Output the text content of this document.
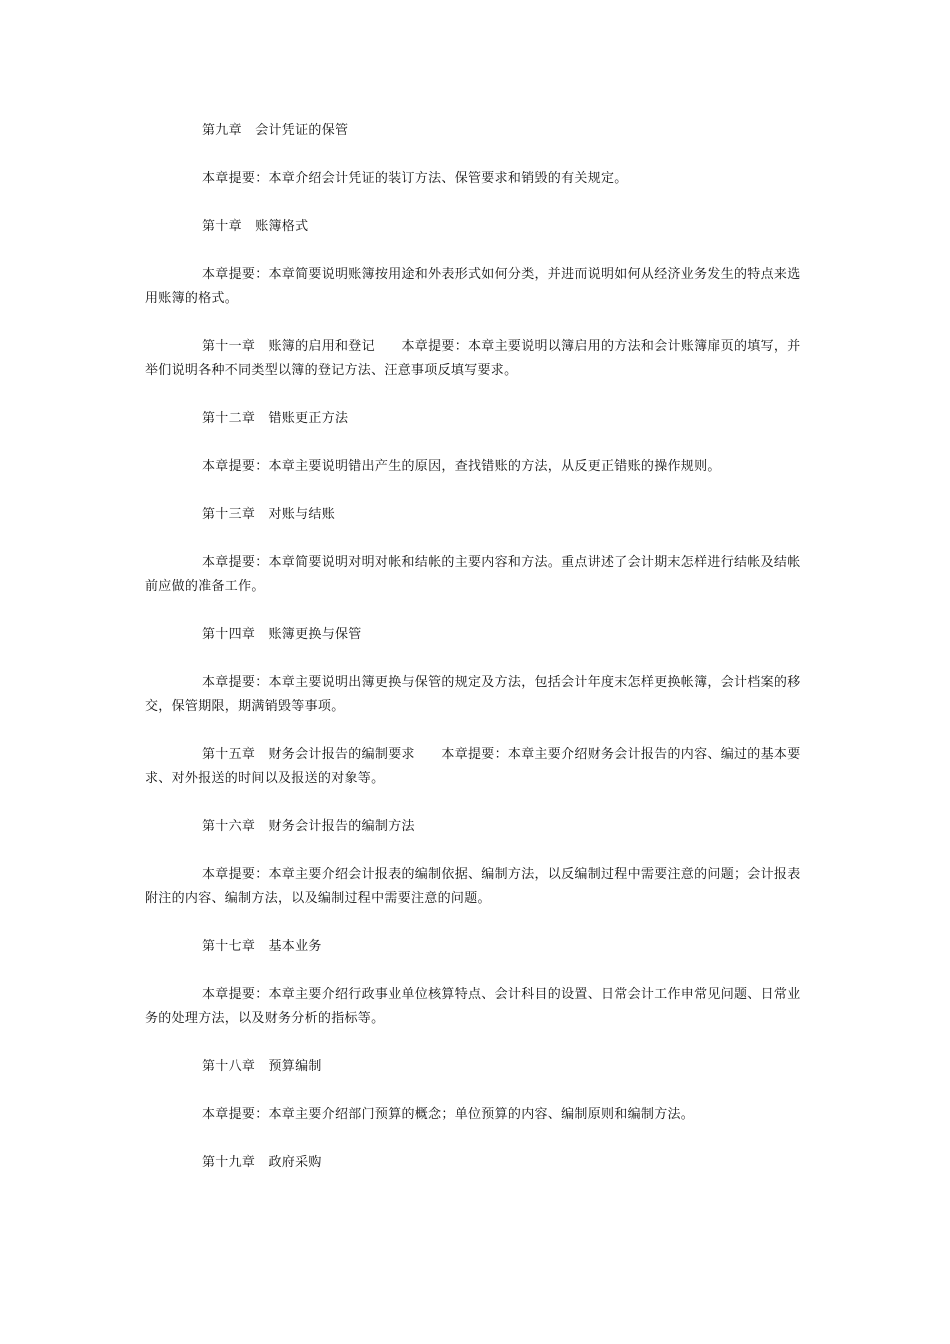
第九章　会计凭证的保管

本章提要：本章介绍会计凭证的装订方法、保管要求和销毁的有关规定。

第十章　账簿格式

本章提要：本章简要说明账簿按用途和外表形式如何分类，并进而说明如何从经济业务发生的特点来选用账簿的格式。

第十一章　账簿的启用和登记　　本章提要：本章主要说明以簿启用的方法和会计账簿扉页的填写，并举们说明各种不同类型以簿的登记方法、汪意事项反填写要求。

第十二章　错账更正方法

本章提要：本章主要说明错出产生的原因，查找错账的方法，从反更正错账的操作规则。

第十三章　对账与结账

本章提要：本章简要说明对明对帐和结帐的主要内容和方法。重点讲述了会计期末怎样进行结帐及结帐前应做的准备工作。

第十四章　账簿更换与保管

本章提要：本章主要说明出簿更换与保管的规定及方法，包括会计年度末怎样更换帐簿，会计档案的移交，保管期限，期满销毁等事项。

第十五章　财务会计报告的编制要求　　本章提要：本章主要介绍财务会计报告的内容、编过的基本要求、对外报送的时间以及报送的对象等。

第十六章　财务会计报告的编制方法

本章提要：本章主要介绍会计报表的编制依据、编制方法，以反编制过程中需要注意的问题；会计报表附注的内容、编制方法，以及编制过程中需要注意的问题。

第十七章　基本业务

本章提要：本章主要介绍行政事业单位核算特点、会计科目的设置、日常会计工作申常见问题、日常业务的处理方法，以及财务分析的指标等。

第十八章　预算编制

本章提要：本章主要介绍部门预算的概念；单位预算的内容、编制原则和编制方法。

第十九章　政府采购
